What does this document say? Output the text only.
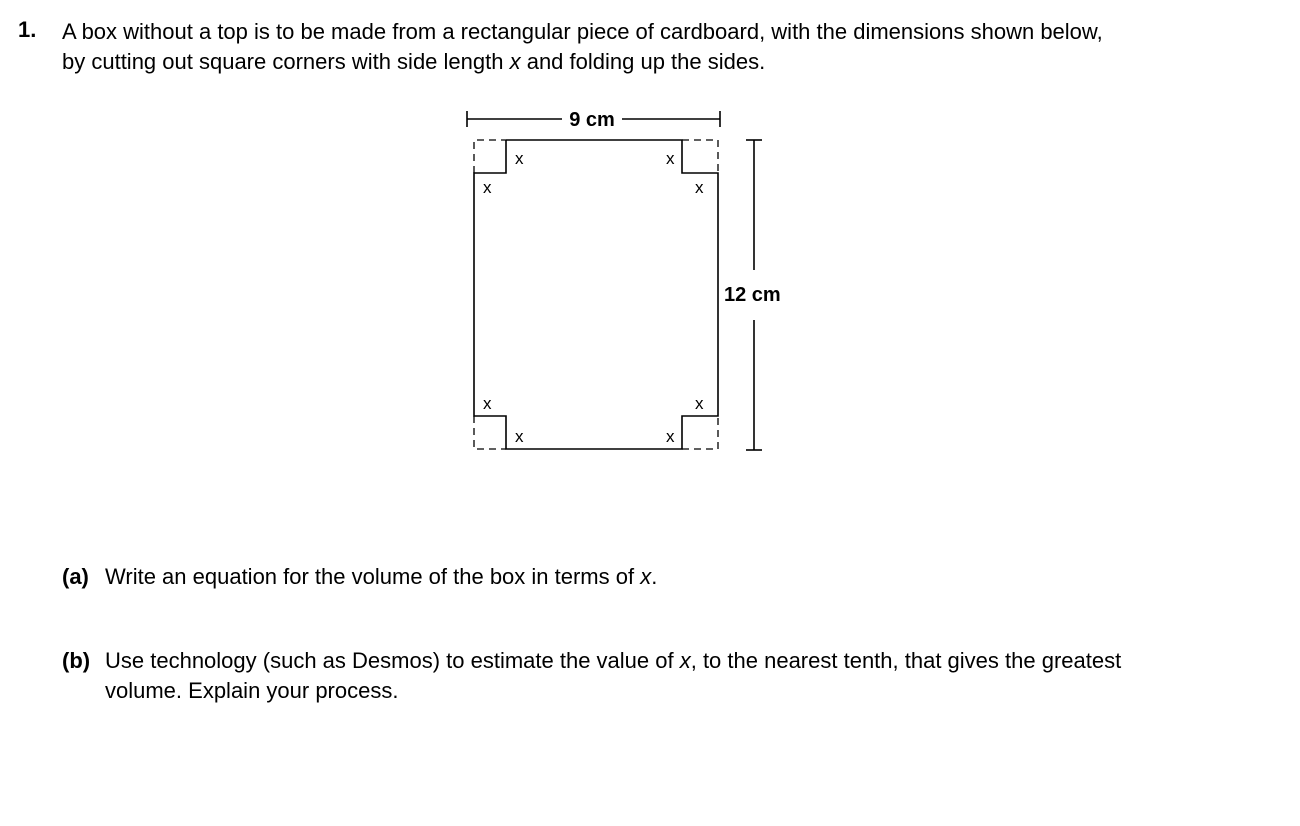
1. A box without a top is to be made from a rectangular piece of cardboard, with the dimensions shown below,
by cutting out square corners with side length x and folding up the sides.
9 cm
12 cm
x
x
x
x
x
x
x
x
(a) Write an equation for the volume of the box in terms of x.
(b) Use technology (such as Desmos) to estimate the value of x, to the nearest tenth, that gives the greatest
volume. Explain your process.
